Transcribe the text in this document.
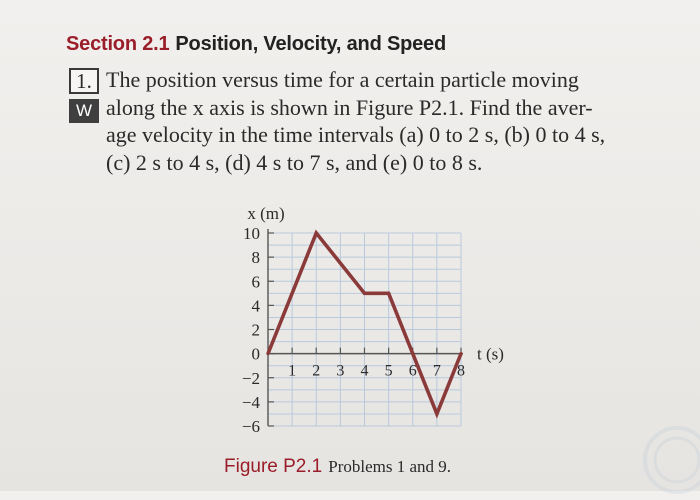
Section 2.1 Position, Velocity, and Speed
1.
W
The position versus time for a certain particle moving
along the x axis is shown in Figure P2.1. Find the aver-
age velocity in the time intervals (a) 0 to 2 s, (b) 0 to 4 s,
(c) 2 s to 4 s, (d) 4 s to 7 s, and (e) 0 to 8 s.
10
8
6
4
2
0
−2
−4
−6
1 2 3 4 5 6 7 8
x (m)
t (s)
Figure P2.1 Problems 1 and 9.
